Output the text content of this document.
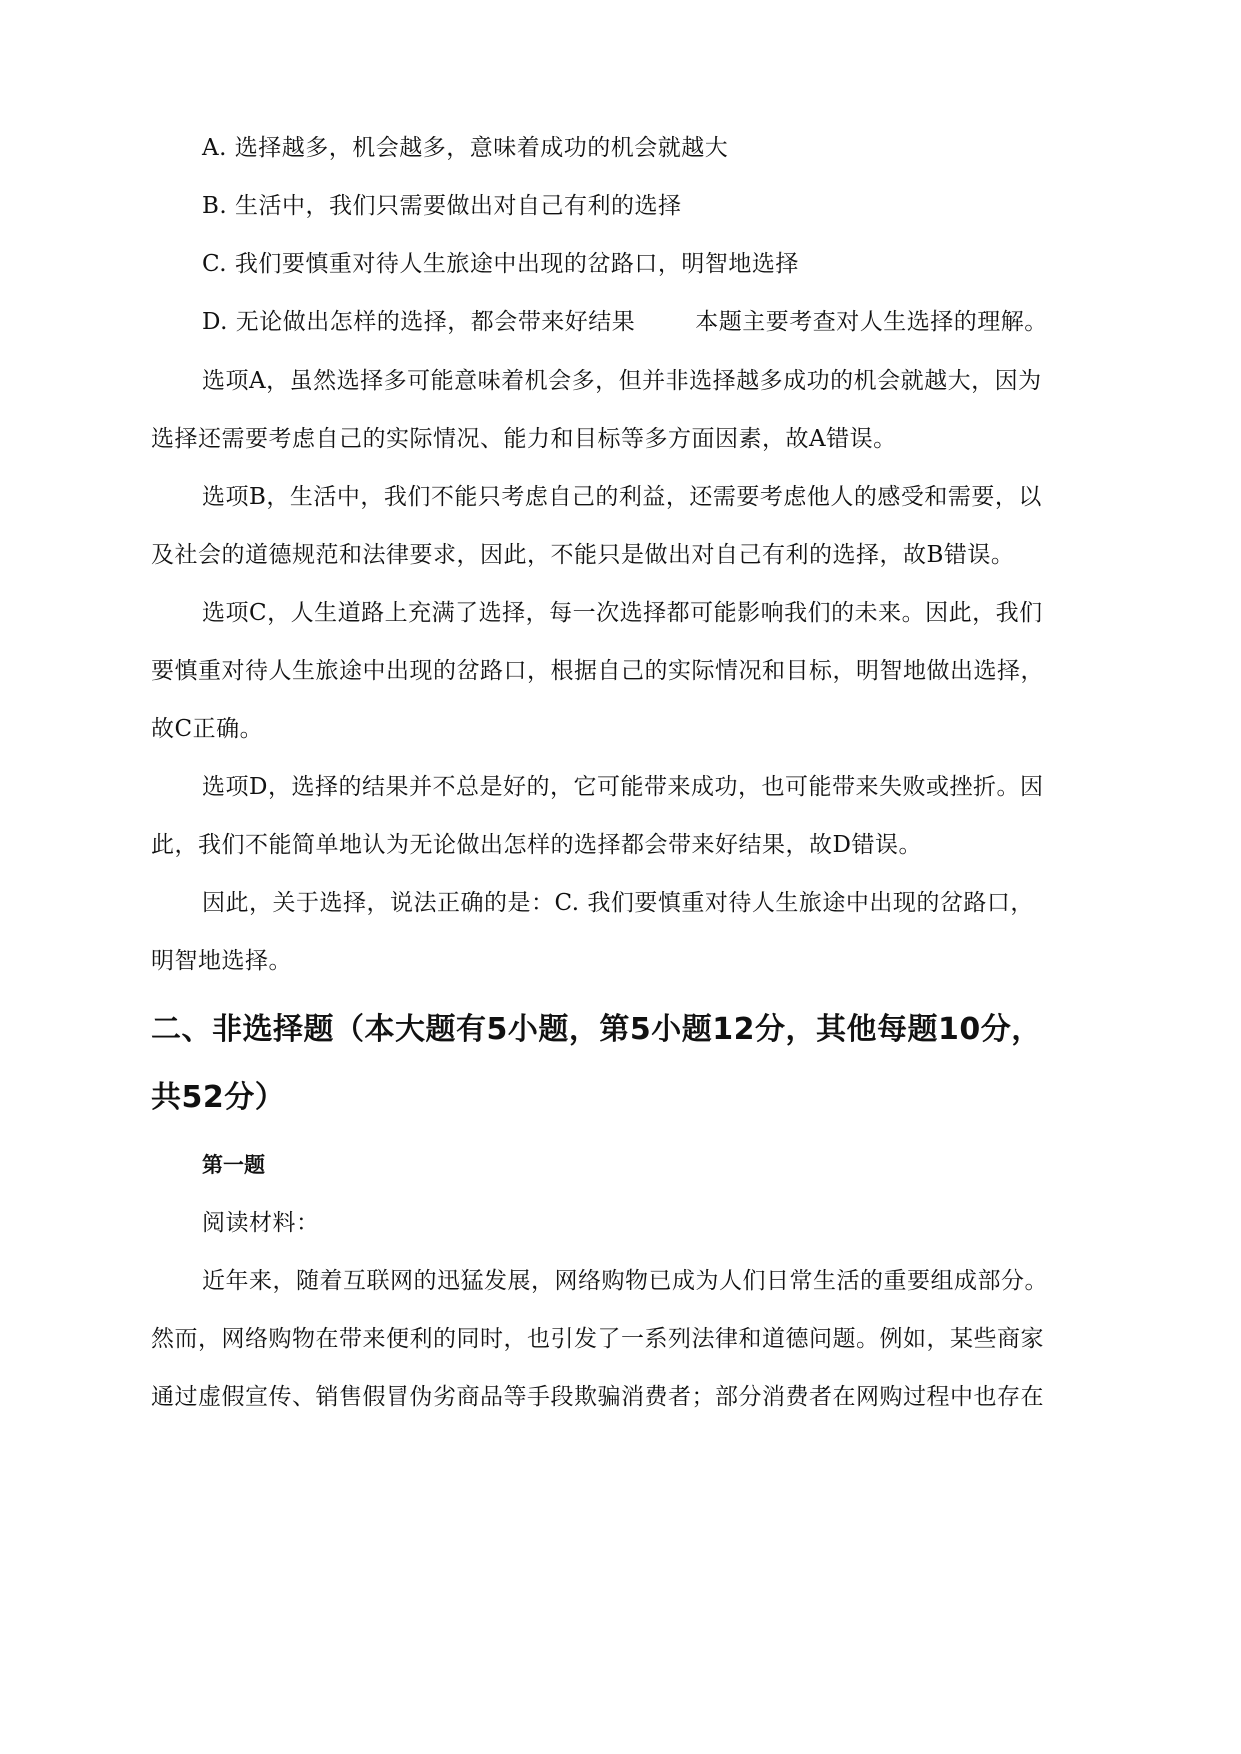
A. 选择越多，机会越多，意味着成功的机会就越大
B. 生活中，我们只需要做出对自己有利的选择
C. 我们要慎重对待人生旅途中出现的岔路口，明智地选择
D. 无论做出怎样的选择，都会带来好结果	本题主要考查对人生选择的理解。
选项A，虽然选择多可能意味着机会多，但并非选择越多成功的机会就越大，因为
选择还需要考虑自己的实际情况、能力和目标等多方面因素，故A错误。
选项B，生活中，我们不能只考虑自己的利益，还需要考虑他人的感受和需要，以
及社会的道德规范和法律要求，因此，不能只是做出对自己有利的选择，故B错误。
选项C，人生道路上充满了选择，每一次选择都可能影响我们的未来。因此，我们
要慎重对待人生旅途中出现的岔路口，根据自己的实际情况和目标，明智地做出选择，
故C正确。
选项D，选择的结果并不总是好的，它可能带来成功，也可能带来失败或挫折。因
此，我们不能简单地认为无论做出怎样的选择都会带来好结果，故D错误。
因此，关于选择，说法正确的是：C. 我们要慎重对待人生旅途中出现的岔路口，
明智地选择。
二、非选择题（本大题有5小题，第5小题12分，其他每题10分，
共52分）
第一题
阅读材料：
近年来，随着互联网的迅猛发展，网络购物已成为人们日常生活的重要组成部分。
然而，网络购物在带来便利的同时，也引发了一系列法律和道德问题。例如，某些商家
通过虚假宣传、销售假冒伪劣商品等手段欺骗消费者；部分消费者在网购过程中也存在
